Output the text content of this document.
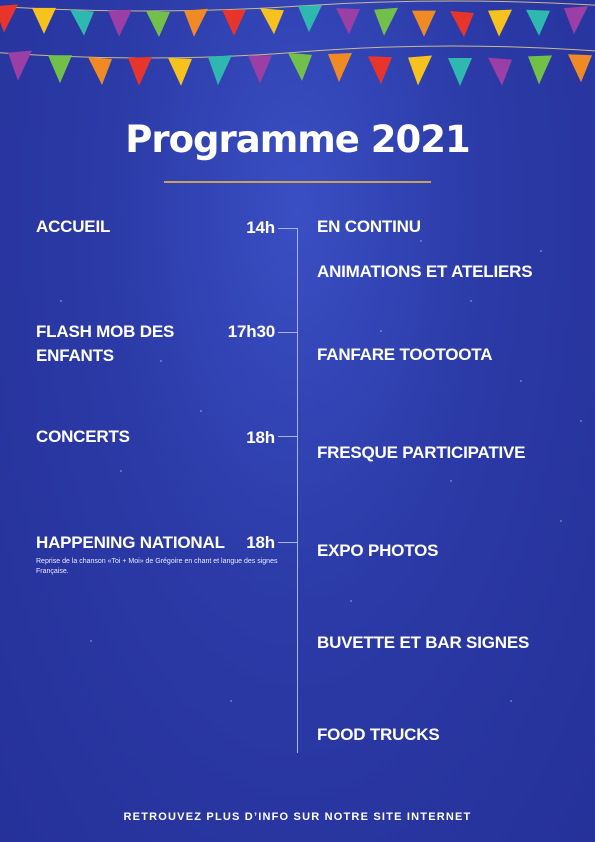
Programme 2021
ACCUEIL	14h
FLASH MOB DES ENFANTS
17h30
CONCERTS	18h
HAPPENING NATIONAL 18h
Reprise de la chanson «Toi + Moi» de Grégoire en chant et langue des signes Française.
EN CONTINU
ANIMATIONS ET ATELIERS
FANFARE TOOTOOTA
FRESQUE PARTICIPATIVE
EXPO PHOTOS
BUVETTE ET BAR SIGNES
FOOD TRUCKS
RETROUVEZ PLUS D’INFO SUR NOTRE SITE INTERNET
